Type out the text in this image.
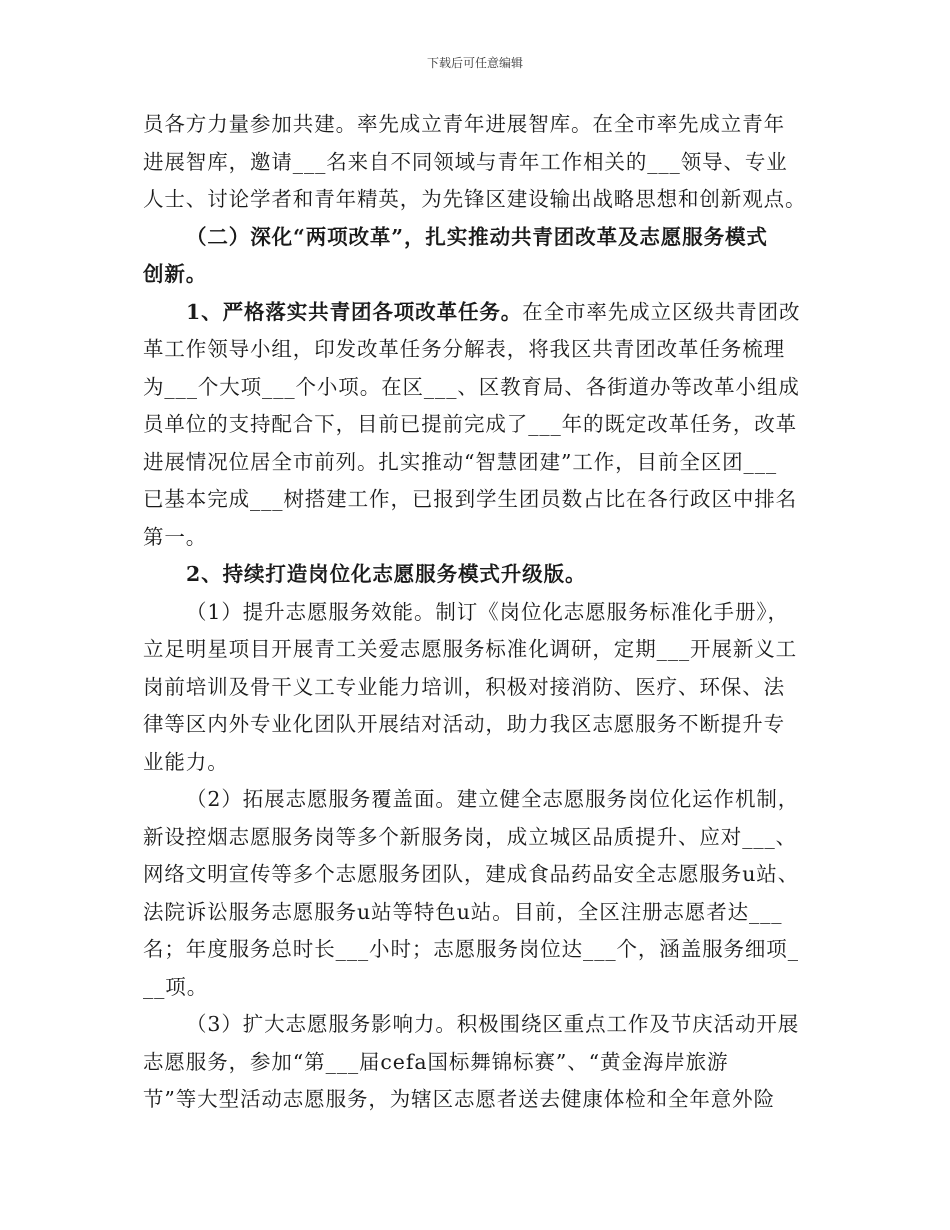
下载后可任意编辑
员各方力量参加共建。率先成立青年进展智库。在全市率先成立青年
进展智库，邀请___名来自不同领域与青年工作相关的___领导、专业
人士、讨论学者和青年精英，为先锋区建设输出战略思想和创新观点。
（二）深化“两项改革”，扎实推动共青团改革及志愿服务模式
创新。
1、严格落实共青团各项改革任务。在全市率先成立区级共青团改
革工作领导小组，印发改革任务分解表，将我区共青团改革任务梳理
为___个大项___个小项。在区___、区教育局、各街道办等改革小组成
员单位的支持配合下，目前已提前完成了___年的既定改革任务，改革
进展情况位居全市前列。扎实推动“智慧团建”工作，目前全区团___
已基本完成___树搭建工作，已报到学生团员数占比在各行政区中排名
第一。
2、持续打造岗位化志愿服务模式升级版。
（1）提升志愿服务效能。制订《岗位化志愿服务标准化手册》，
立足明星项目开展青工关爱志愿服务标准化调研，定期___开展新义工
岗前培训及骨干义工专业能力培训，积极对接消防、医疗、环保、法
律等区内外专业化团队开展结对活动，助力我区志愿服务不断提升专
业能力。
（2）拓展志愿服务覆盖面。建立健全志愿服务岗位化运作机制，
新设控烟志愿服务岗等多个新服务岗，成立城区品质提升、应对___、
网络文明宣传等多个志愿服务团队，建成食品药品安全志愿服务u站、
法院诉讼服务志愿服务u站等特色u站。目前，全区注册志愿者达___
名；年度服务总时长___小时；志愿服务岗位达___个，涵盖服务细项_
__项。
（3）扩大志愿服务影响力。积极围绕区重点工作及节庆活动开展
志愿服务，参加“第___届cefa国标舞锦标赛”、“黄金海岸旅游
节”等大型活动志愿服务，为辖区志愿者送去健康体检和全年意外险
